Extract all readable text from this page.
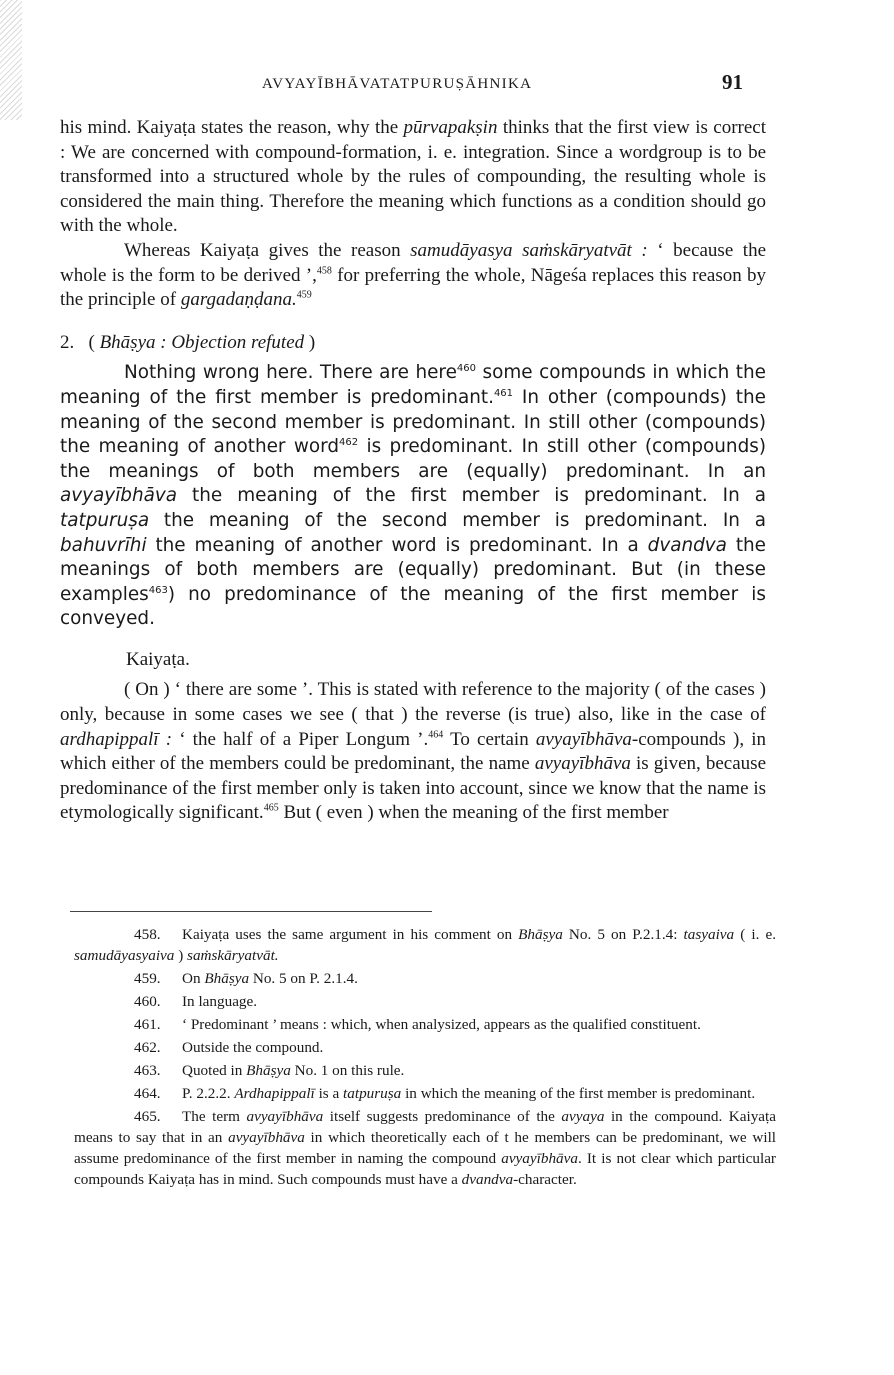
AVYAYĪBHĀVATATPURUṢĀHNIKA	91

his mind. Kaiyaṭa states the reason, why the pūrvapakṣin thinks that the first view is correct : We are concerned with compound-formation, i. e. integration. Since a wordgroup is to be transformed into a structured whole by the rules of compounding, the resulting whole is considered the main thing. Therefore the meaning which functions as a condition should go with the whole.

Whereas Kaiyaṭa gives the reason samudāyasya saṁskāryatvāt : ‘ because the whole is the form to be derived ’,$^{458}$ for preferring the whole, Nāgeśa replaces this reason by the principle of gargadaṇḍana.$^{459}$

2. ( Bhāṣya : Objection refuted )

Nothing wrong here. There are here$^{460}$ some compounds in which the meaning of the first member is predominant.$^{461}$ In other (compounds) the meaning of the second member is predominant. In still other (compounds) the meaning of another word$^{462}$ is predominant. In still other (compounds) the meanings of both members are (equally) predominant. In an avyayībhāva the meaning of the first member is predominant. In a tatpuruṣa the meaning of the second member is predominant. In a bahuvrīhi the meaning of another word is predominant. In a dvandva the meanings of both members are (equally) predominant. But (in these examples$^{463}$) no predominance of the meaning of the first member is conveyed.

Kaiyaṭa.

( On ) ‘ there are some ’. This is stated with reference to the majority ( of the cases ) only, because in some cases we see ( that ) the reverse (is true) also, like in the case of ardhapippalī : ‘ the half of a Piper Longum ’.$^{464}$ To certain avyayībhāva-compounds ), in which either of the members could be predominant, the name avyayībhāva is given, because predominance of the first member only is taken into account, since we know that the name is etymologically significant.$^{465}$ But ( even ) when the meaning of the first member

458. Kaiyaṭa uses the same argument in his comment on Bhāṣya No. 5 on P.2.1.4: tasyaiva ( i. e. samudāyasyaiva ) saṁskāryatvāt.

459. On Bhāṣya No. 5 on P. 2.1.4.

460. In language.

461. ‘ Predominant ’ means : which, when analysized, appears as the qualified constituent.

462. Outside the compound.

463. Quoted in Bhāṣya No. 1 on this rule.

464. P. 2.2.2. Ardhapippalī is a tatpuruṣa in which the meaning of the first member is predominant.

465. The term avyayībhāva itself suggests predominance of the avyaya in the compound. Kaiyaṭa means to say that in an avyayībhāva in which theoretically each of t he members can be predominant, we will assume predominance of the first member in naming the compound avyayībhāva. It is not clear which particular compounds Kaiyaṭa has in mind. Such compounds must have a dvandva-character.
